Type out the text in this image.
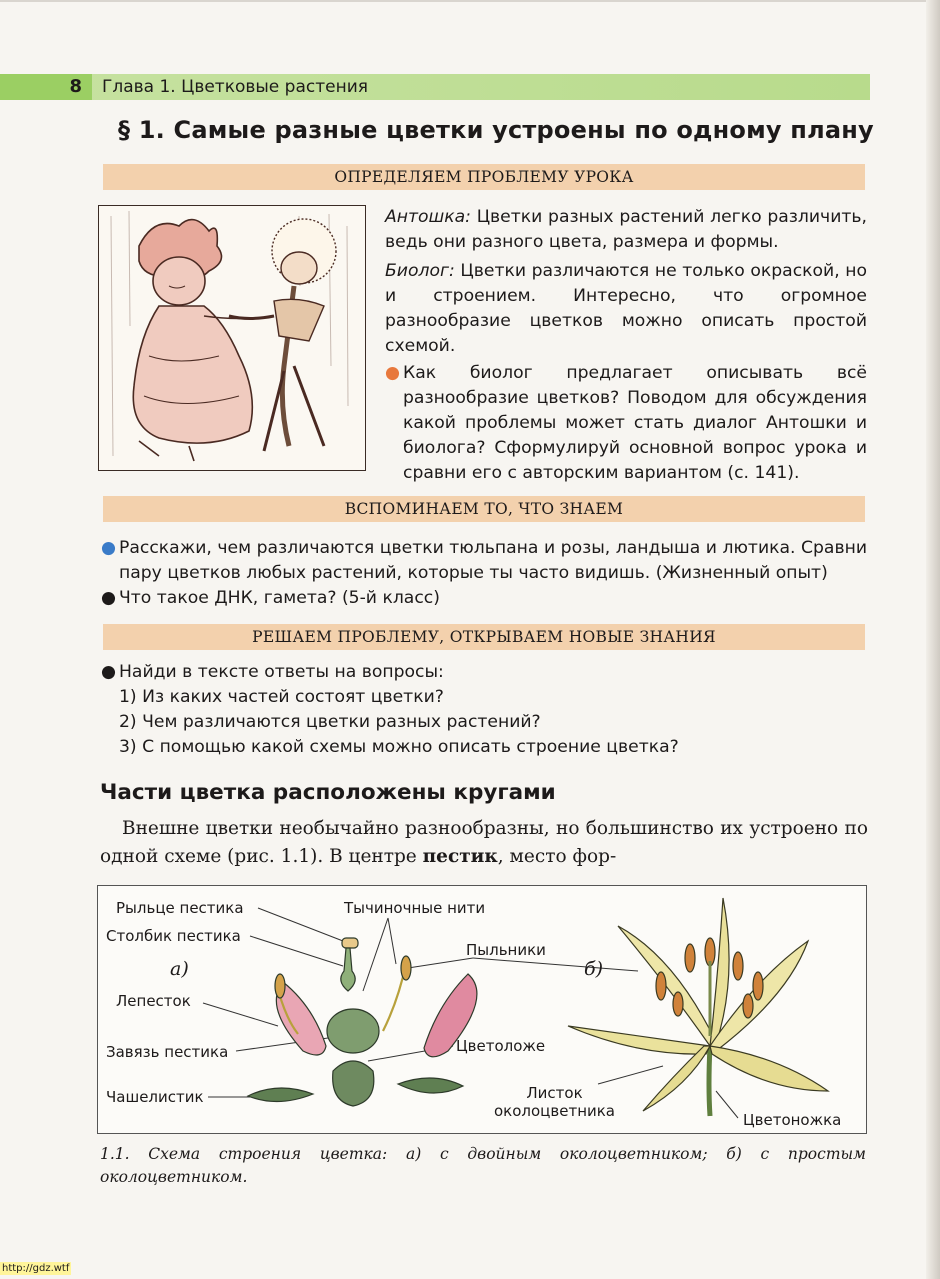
8	Глава 1. Цветковые растения
§ 1. Самые разные цветки устроены по одному плану
ОПРЕДЕЛЯЕМ ПРОБЛЕМУ УРОКА
Антошка: Цветки разных растений легко различить, ведь они разного цвета, размера и формы.
Биолог: Цветки различаются не только окраской, но и строением. Интересно, что огромное разнообразие цветков можно описать простой схемой.
● Как биолог предлагает описывать всё разнообразие цветков? Поводом для обсуждения какой проблемы может стать диалог Антошки и биолога? Сформулируй основной вопрос урока и сравни его с авторским вариантом (с. 141).
ВСПОМИНАЕМ ТО, ЧТО ЗНАЕМ
● Расскажи, чем различаются цветки тюльпана и розы, ландыша и лютика. Сравни пару цветков любых растений, которые ты часто видишь. (Жизненный опыт)
● Что такое ДНК, гамета? (5-й класс)
РЕШАЕМ ПРОБЛЕМУ, ОТКРЫВАЕМ НОВЫЕ ЗНАНИЯ
● Найди в тексте ответы на вопросы:
1) Из каких частей состоят цветки?
2) Чем различаются цветки разных растений?
3) С помощью какой схемы можно описать строение цветка?
Части цветка расположены кругами
Внешне цветки необычайно разнообразны, но большинство их устроено по одной схеме (рис. 1.1). В центре пестик, место фор-
Рыльце пестика
Столбик пестика
Тычиночные нити
Пыльники
а)	б)
Лепесток
Завязь пестика	Цветоложе
Чашелистик	Листок
околоцветника	Цветоножка
1.1. Схема строения цветка: а) с двойным околоцветником; б) с простым околоцветником.
http://gdz.wtf
